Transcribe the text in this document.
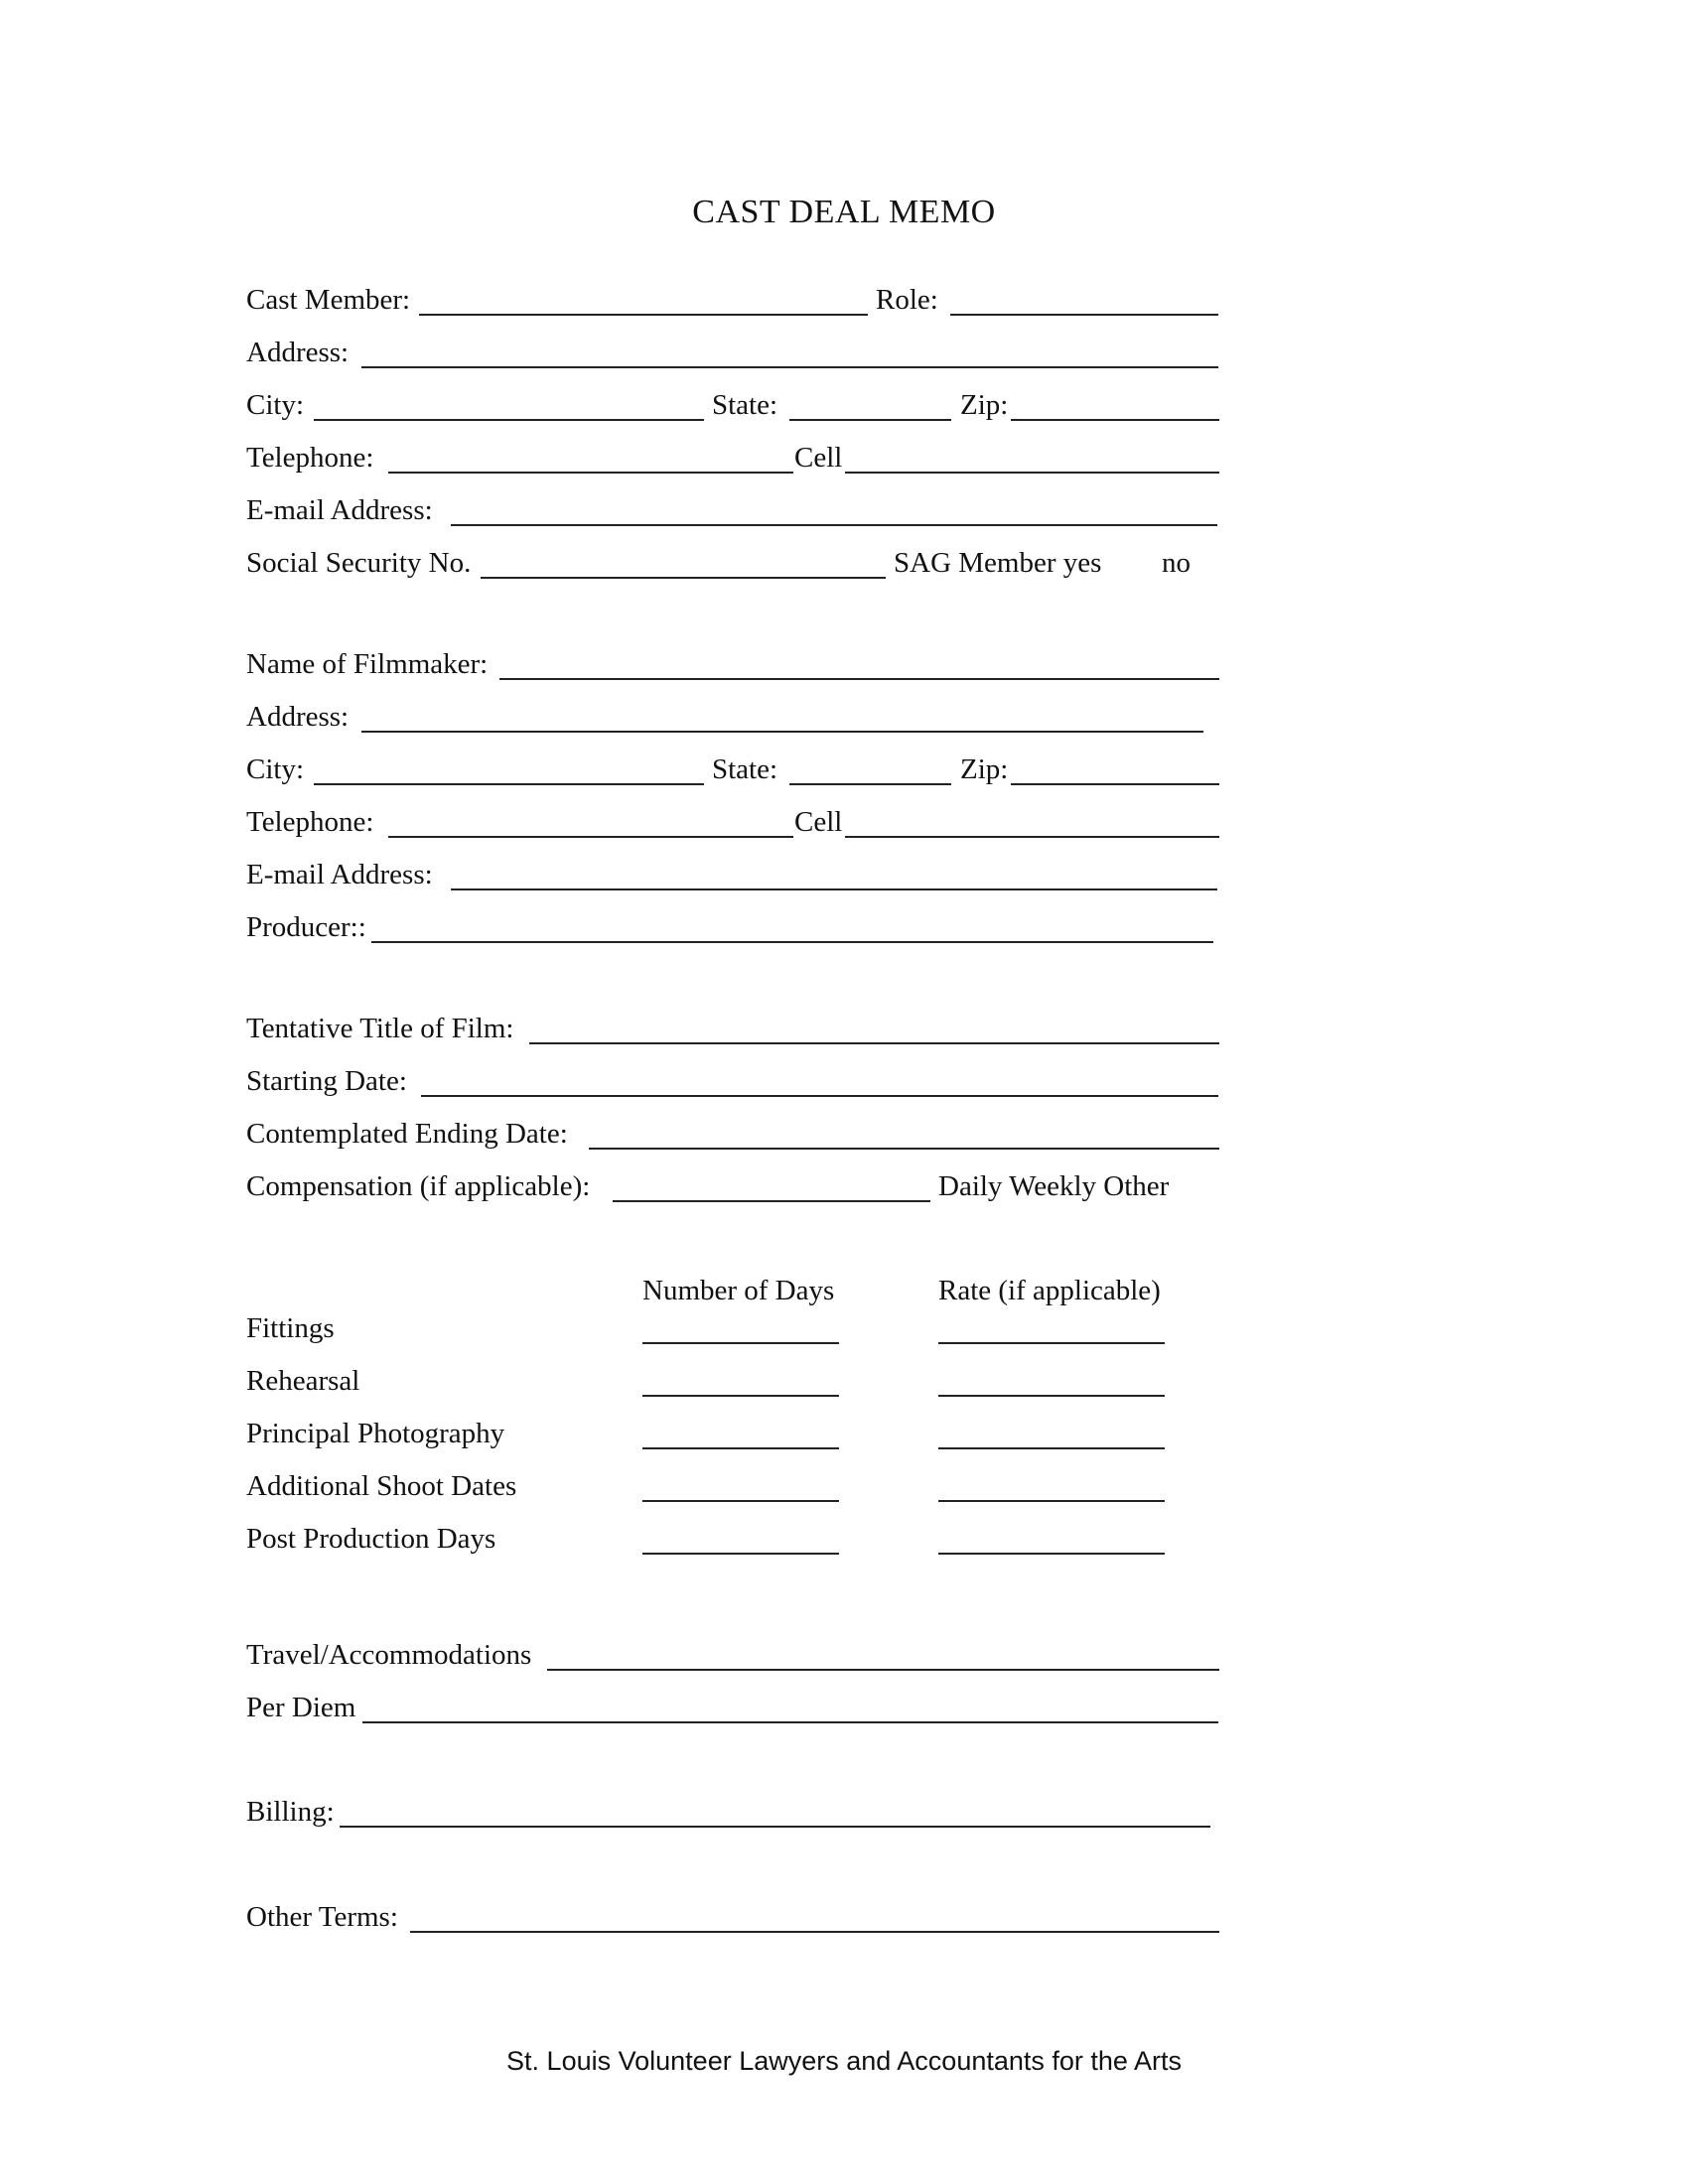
CAST DEAL MEMO
Cast Member:	Role:
Address:
City:	State:	Zip:
Telephone:	Cell
E-mail Address:
Social Security No.	SAG Member yes no
Name of Filmmaker:
Address:
City:	State:	Zip:
Telephone:	Cell
E-mail Address:
Producer::
Tentative Title of Film:
Starting Date:
Contemplated Ending Date:
Compensation (if applicable):	Daily Weekly Other
Number of Days	Rate (if applicable)
Fittings
Rehearsal
Principal Photography
Additional Shoot Dates
Post Production Days
Travel/Accommodations
Per Diem
Billing:
Other Terms:
St. Louis Volunteer Lawyers and Accountants for the Arts
